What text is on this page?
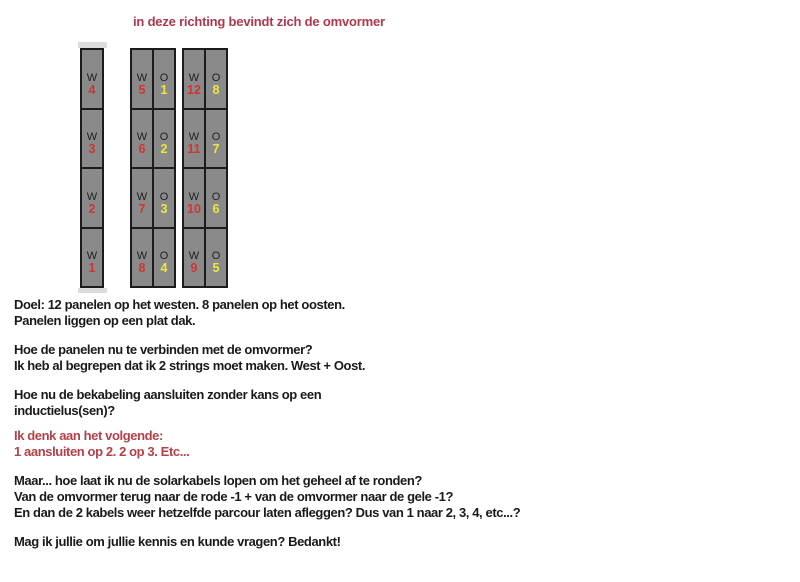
in deze richting bevindt zich de omvormer
W
4
W
3
W
2
W
1
W
5
W
6
W
7
W
8
O
1
O
2
O
3
O
4
W
12
W
11
W
10
W
9
O
8
O
7
O
6
O
5
Doel: 12 panelen op het westen. 8 panelen op het oosten.
Panelen liggen op een plat dak.
Hoe de panelen nu te verbinden met de omvormer?
Ik heb al begrepen dat ik 2 strings moet maken. West + Oost.
Hoe nu de bekabeling aansluiten zonder kans op een
inductielus(sen)?
Ik denk aan het volgende:
1 aansluiten op 2. 2 op 3. Etc...
Maar... hoe laat ik nu de solarkabels lopen om het geheel af te ronden?
Van de omvormer terug naar de rode -1 + van de omvormer naar de gele -1?
En dan de 2 kabels weer hetzelfde parcour laten afleggen? Dus van 1 naar 2, 3, 4, etc...?
Mag ik jullie om jullie kennis en kunde vragen? Bedankt!
